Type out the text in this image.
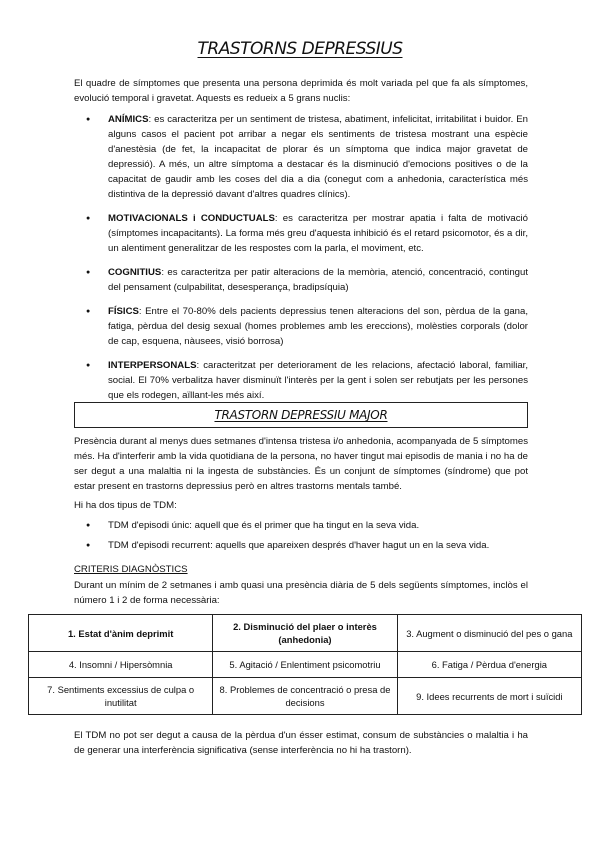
TRASTORNS DEPRESSIUS

El quadre de símptomes que presenta una persona deprimida és molt variada pel que fa als símptomes, evolució temporal i gravetat. Aquests es redueix a 5 grans nuclis:

● ANÍMICS: es caracteritza per un sentiment de tristesa, abatiment, infelicitat, irritabilitat i buidor. En alguns casos el pacient pot arribar a negar els sentiments de tristesa mostrant una espècie d'anestèsia (de fet, la incapacitat de plorar és un símptoma que indica major gravetat de depressió). A més, un altre símptoma a destacar és la disminució d'emocions positives o de la capacitat de gaudir amb les coses del dia a dia (conegut com a anhedonia, característica més distintiva de la depressió davant d'altres quadres clínics).
● MOTIVACIONALS i CONDUCTUALS: es caracteritza per mostrar apatia i falta de motivació (símptomes incapacitants). La forma més greu d'aquesta inhibició és el retard psicomotor, és a dir, un alentiment generalitzar de les respostes com la parla, el moviment, etc.
● COGNITIUS: es caracteritza per patir alteracions de la memòria, atenció, concentració, contingut del pensament (culpabilitat, desesperança, bradipsíquia)
● FÍSICS: Entre el 70-80% dels pacients depressius tenen alteracions del son, pèrdua de la gana, fatiga, pèrdua del desig sexual (homes problemes amb les ereccions), molèsties corporals (dolor de cap, esquena, nàusees, visió borrosa)
● INTERPERSONALS: caracteritzat per deteriorament de les relacions, afectació laboral, familiar, social. El 70% verbalitza haver disminuït l'interès per la gent i solen ser rebutjats per les persones que els rodegen, aïllant-les més així.
TRASTORN DEPRESSIU MAJOR

Presència durant al menys dues setmanes d'intensa tristesa i/o anhedonia, acompanyada de 5 símptomes més. Ha d'interferir amb la vida quotidiana de la persona, no haver tingut mai episodis de mania i no ha de ser degut a una malaltia ni la ingesta de substàncies. És un conjunt de símptomes (síndrome) que pot estar present en trastorns depressius però en altres trastorns mentals també.

Hi ha dos tipus de TDM:

● TDM d'episodi únic: aquell que és el primer que ha tingut en la seva vida.
● TDM d'episodi recurrent: aquells que apareixen després d'haver hagut un en la seva vida.
CRITERIS DIAGNÒSTICS

Durant un mínim de 2 setmanes i amb quasi una presència diària de 5 dels següents símptomes, inclòs el número 1 i 2 de forma necessària:

1. Estat d'ànim deprimit	2. Disminució del plaer o interès (anhedonia)	3. Augment o disminució del pes o gana
4. Insomni / Hipersòmnia	5. Agitació / Enlentiment psicomotriu	6. Fatiga / Pèrdua d'energia
7. Sentiments excessius de culpa o inutilitat	8. Problemes de concentració o presa de decisions	9. Idees recurrents de mort i suïcidi

El TDM no pot ser degut a causa de la pèrdua d'un ésser estimat, consum de substàncies o malaltia i ha de generar una interferència significativa (sense interferència no hi ha trastorn).
